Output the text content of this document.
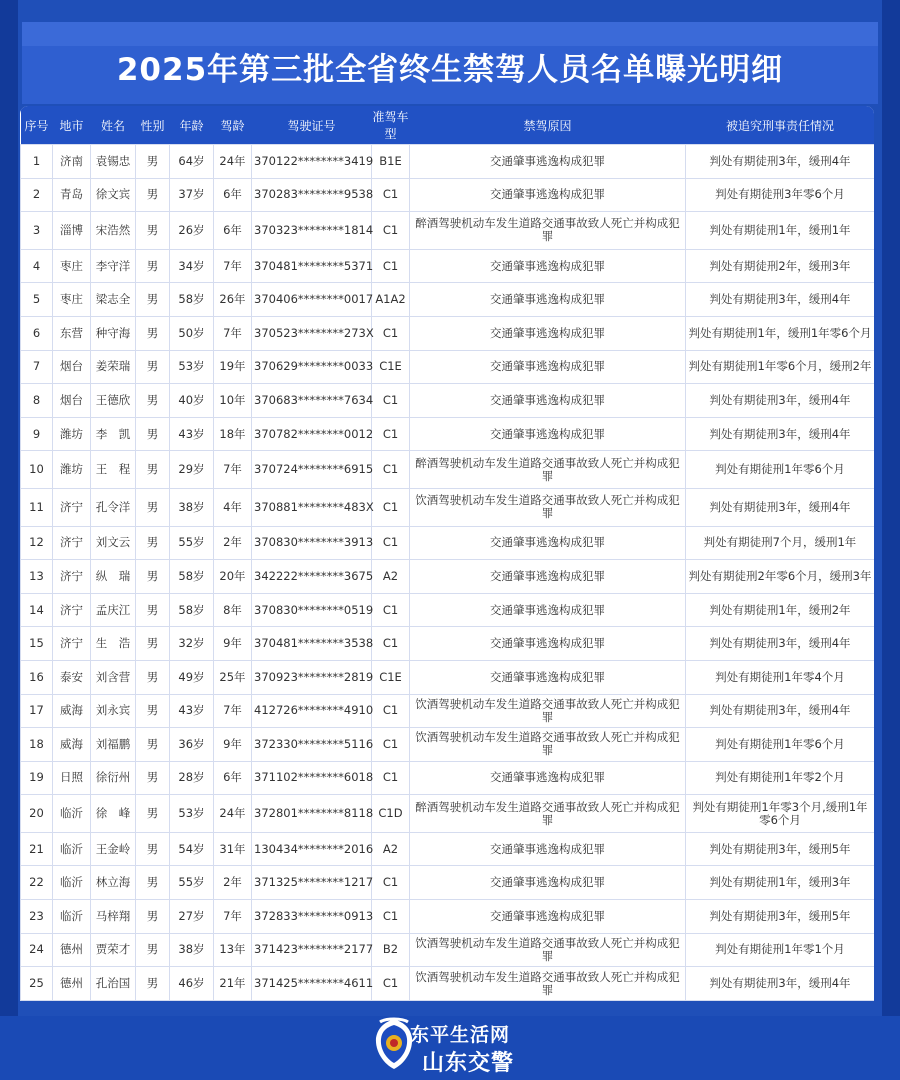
2025年第三批全省终生禁驾人员名单曝光明细
序号	地市	姓名	性别	年龄	驾龄	驾驶证号	准驾车型	禁驾原因	被追究刑事责任情况
1	济南	袁锡忠	男	64岁	24年	370122********3419	B1E	交通肇事逃逸构成犯罪	判处有期徒刑3年，缓刑4年
2	青岛	徐文宾	男	37岁	6年	370283********9538	C1	交通肇事逃逸构成犯罪	判处有期徒刑3年零6个月
3	淄博	宋浩然	男	26岁	6年	370323********1814	C1	醉酒驾驶机动车发生道路交通事故致人死亡并构成犯罪	判处有期徒刑1年，缓刑1年
4	枣庄	李守洋	男	34岁	7年	370481********5371	C1	交通肇事逃逸构成犯罪	判处有期徒刑2年，缓刑3年
5	枣庄	梁志全	男	58岁	26年	370406********0017	A1A2	交通肇事逃逸构成犯罪	判处有期徒刑3年，缓刑4年
6	东营	种守海	男	50岁	7年	370523********273X	C1	交通肇事逃逸构成犯罪	判处有期徒刑1年，缓刑1年零6个月
7	烟台	姜荣瑞	男	53岁	19年	370629********0033	C1E	交通肇事逃逸构成犯罪	判处有期徒刑1年零6个月，缓刑2年
8	烟台	王德欣	男	40岁	10年	370683********7634	C1	交通肇事逃逸构成犯罪	判处有期徒刑3年，缓刑4年
9	潍坊	李　凯	男	43岁	18年	370782********0012	C1	交通肇事逃逸构成犯罪	判处有期徒刑3年，缓刑4年
10	潍坊	王　程	男	29岁	7年	370724********6915	C1	醉酒驾驶机动车发生道路交通事故致人死亡并构成犯罪	判处有期徒刑1年零6个月
11	济宁	孔令洋	男	38岁	4年	370881********483X	C1	饮酒驾驶机动车发生道路交通事故致人死亡并构成犯罪	判处有期徒刑3年，缓刑4年
12	济宁	刘文云	男	55岁	2年	370830********3913	C1	交通肇事逃逸构成犯罪	判处有期徒刑7个月，缓刑1年
13	济宁	纵　瑞	男	58岁	20年	342222********3675	A2	交通肇事逃逸构成犯罪	判处有期徒刑2年零6个月，缓刑3年
14	济宁	孟庆江	男	58岁	8年	370830********0519	C1	交通肇事逃逸构成犯罪	判处有期徒刑1年，缓刑2年
15	济宁	生　浩	男	32岁	9年	370481********3538	C1	交通肇事逃逸构成犯罪	判处有期徒刑3年，缓刑4年
16	泰安	刘含营	男	49岁	25年	370923********2819	C1E	交通肇事逃逸构成犯罪	判处有期徒刑1年零4个月
17	威海	刘永宾	男	43岁	7年	412726********4910	C1	饮酒驾驶机动车发生道路交通事故致人死亡并构成犯罪	判处有期徒刑3年，缓刑4年
18	威海	刘福鹏	男	36岁	9年	372330********5116	C1	饮酒驾驶机动车发生道路交通事故致人死亡并构成犯罪	判处有期徒刑1年零6个月
19	日照	徐衍州	男	28岁	6年	371102********6018	C1	交通肇事逃逸构成犯罪	判处有期徒刑1年零2个月
20	临沂	徐　峰	男	53岁	24年	372801********8118	C1D	醉酒驾驶机动车发生道路交通事故致人死亡并构成犯罪	判处有期徒刑1年零3个月,缓刑1年零6个月
21	临沂	王金岭	男	54岁	31年	130434********2016	A2	交通肇事逃逸构成犯罪	判处有期徒刑3年，缓刑5年
22	临沂	林立海	男	55岁	2年	371325********1217	C1	交通肇事逃逸构成犯罪	判处有期徒刑1年，缓刑3年
23	临沂	马梓翔	男	27岁	7年	372833********0913	C1	交通肇事逃逸构成犯罪	判处有期徒刑3年，缓刑5年
24	德州	贾荣才	男	38岁	13年	371423********2177	B2	饮酒驾驶机动车发生道路交通事故致人死亡并构成犯罪	判处有期徒刑1年零1个月
25	德州	孔治国	男	46岁	21年	371425********4611	C1	饮酒驾驶机动车发生道路交通事故致人死亡并构成犯罪	判处有期徒刑3年，缓刑4年
东平生活网
山东交警
